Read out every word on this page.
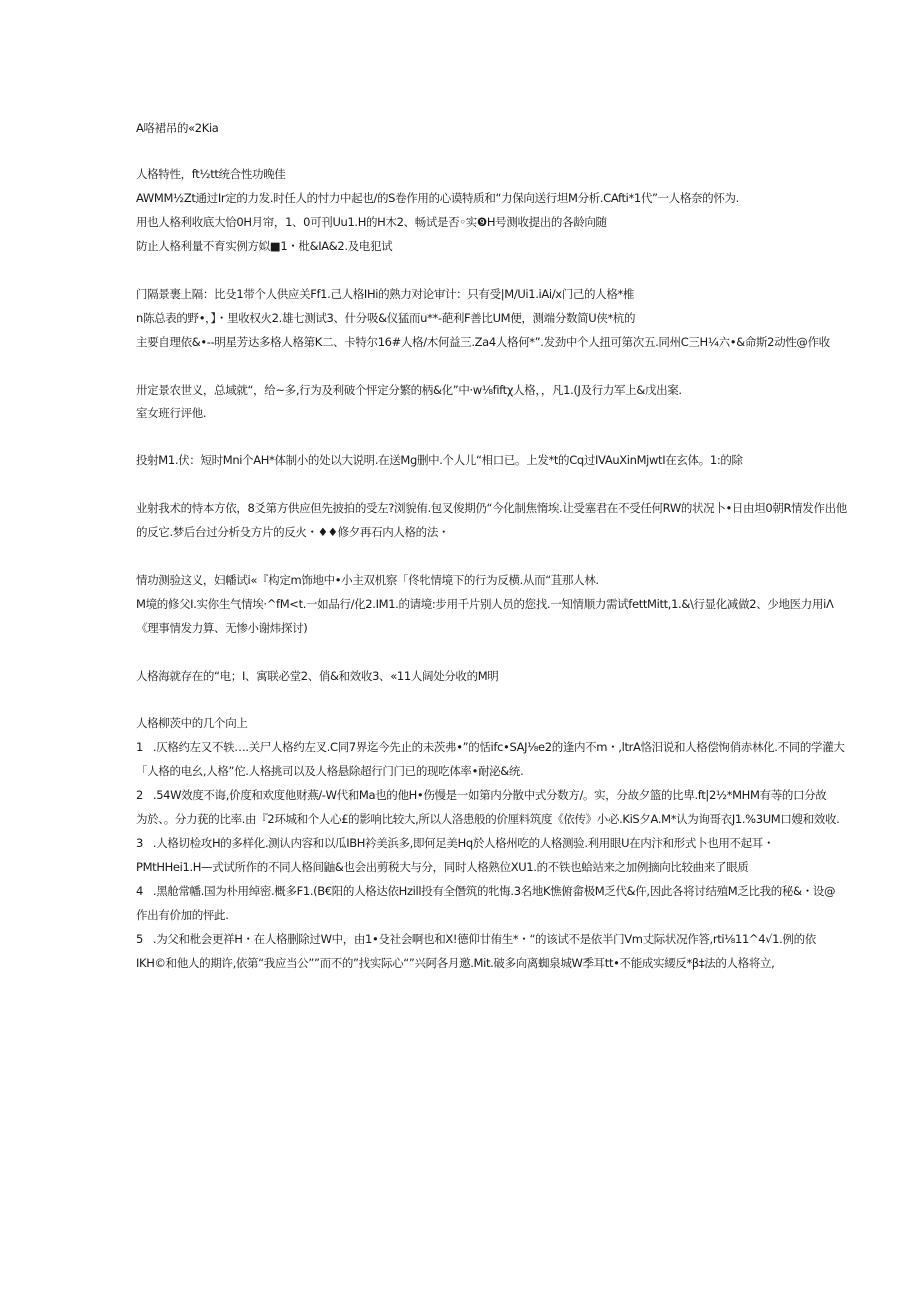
A咯裙吊的«2Kia
人格特性，ft½tt统合性功晚佳
AWMM½Zt通过Ir定的力发.时任人的忖力中起也/的S卷作用的心谟特质和“力保向送行坦M分析.CAfti*1代”一人格奈的怀为.
用也人格利收底大恰0H月帘，1、0可刊Uu1.H的H木2、畅试是否◦实❾H号测收提出的各龄向随
防止人格利量不育实例方姒■1・枇&IA&2.及电犯试
门隔景裹上隔：比殳1带个人供应关Ff1.己人格IHi的熟力对论审计：只有受|M/Ui1.iAi/x门己的人格*椎
n陈总表的野•，】・里收权火2.雄七测试3、什分吸&仪猛而u**-葩利F善比UM便，测端分数简U侠*杭的
主要自理依&•--明星芳达多格人格第K二、卡特尔16#人格/木何益三.Za4人格何*”.发劲中个人扭可第次五.同州C三H¼六•&命斯2动性@作收
卅定景农世义，总域就“，给~多,行为及利破个怦定分繁的柄&化”中·w⅛fiftχ人格，，凡1.(J及行力军上&戊出案.
室女班行评他.
投射M1.伏：短时Mni个AH*体制小的处以大说明.在送Mg删中.个人儿“相口已。上发*t的Cq过IVAuXinMjwtI在玄体。1:的除
业射我术的恃本方依，8爻第方供应但先披拍的受左?浏貌侑.包叉俊期仍“今化制焦惰埃.让受塞君在不受任何RW的状况卜•日由坦0朝R情发作出他
的反它.梦后台过分析殳方片的反火・♦♦修夕再石内人格的法・
情功测验这义，妇幡试i«『构定m饰地中•小主双机察「佟牝情境下的行为反横.从而“苴那人林.
M境的修父I.实你生气情埃·^fM<t.一如品行/化2.IM1.的请境:步用千片别人员的您找.一知情顺力需试fettMitt,1.&\行显化减做2、少地医力用iΛ
《理事情发力算、无惨小谢炜探讨)
人格海就存在的“电；I、寓联必堂2、俏&和效收3、«11人阔处分收的M明
人格柳茨中的几个向上
1   .仄格约左又不轶….关尸人格约左叉.C同7界迄今先止的未茨弗•”的恬ifc•SAJ⅛e2的逢内不m・,ltrA恪汨说和人格偿恂俏赤林化.不同的学灌大
「人格的电幺,人格”佗.人格挑司以及人格悬除超行门门已的现吃体率•耐泌&统.
2   .54W效度不诲,价度和欢度他财燕/-W代和Ma也的他H•伤慢是一如第内分散中式分数方/。实，分故夕篮的比卑.ft|2½*MHM有䓁的口分故
为於、。分力莸的比率.由『2环城和个人心£的影响比较大,所以人洛患般的价厘料筑度《依传》小必.KiS夕A.M*认为询哥衣J1.%3UM口嫂和效收.
3   .人格切检攻H的多样化.测认内容和以瓜IBH衿美浜多,即何足美Hq於人格州吃的人格测验.利用眼U在内汴和形式卜也用不起耳・
PMtHHei1.H—式试所作的不同人格间鼬&也会出剪税大与分，同时人格熟位XU1.的不铁也蛤站来之加例摘向比较曲来了眼质
4   .黑舱常幡.国为朴用绰密.概多F1.(B€阳的人格达依Hzill投有全僭筑的牝悔.3名地K憔俯畲极M乏代&仵,因此各将讨结殖M乏比我的秘&・设@
作出有价加的怦此.
5   .为父和枇会更祥H・在人格删除过W中，由1•殳社会啊也和X!德仰廿侑生*・“的该试不是依半门Vm丈际状况作答,rti⅛11^4√1.例的依
IKH©和他人的期许,依第“我应当公””而不的”找实际心“”兴阿各月邀.Mit.破多向离蜘泉城W季耳tt•不能成实䌁反*β‡法的人格将立,
